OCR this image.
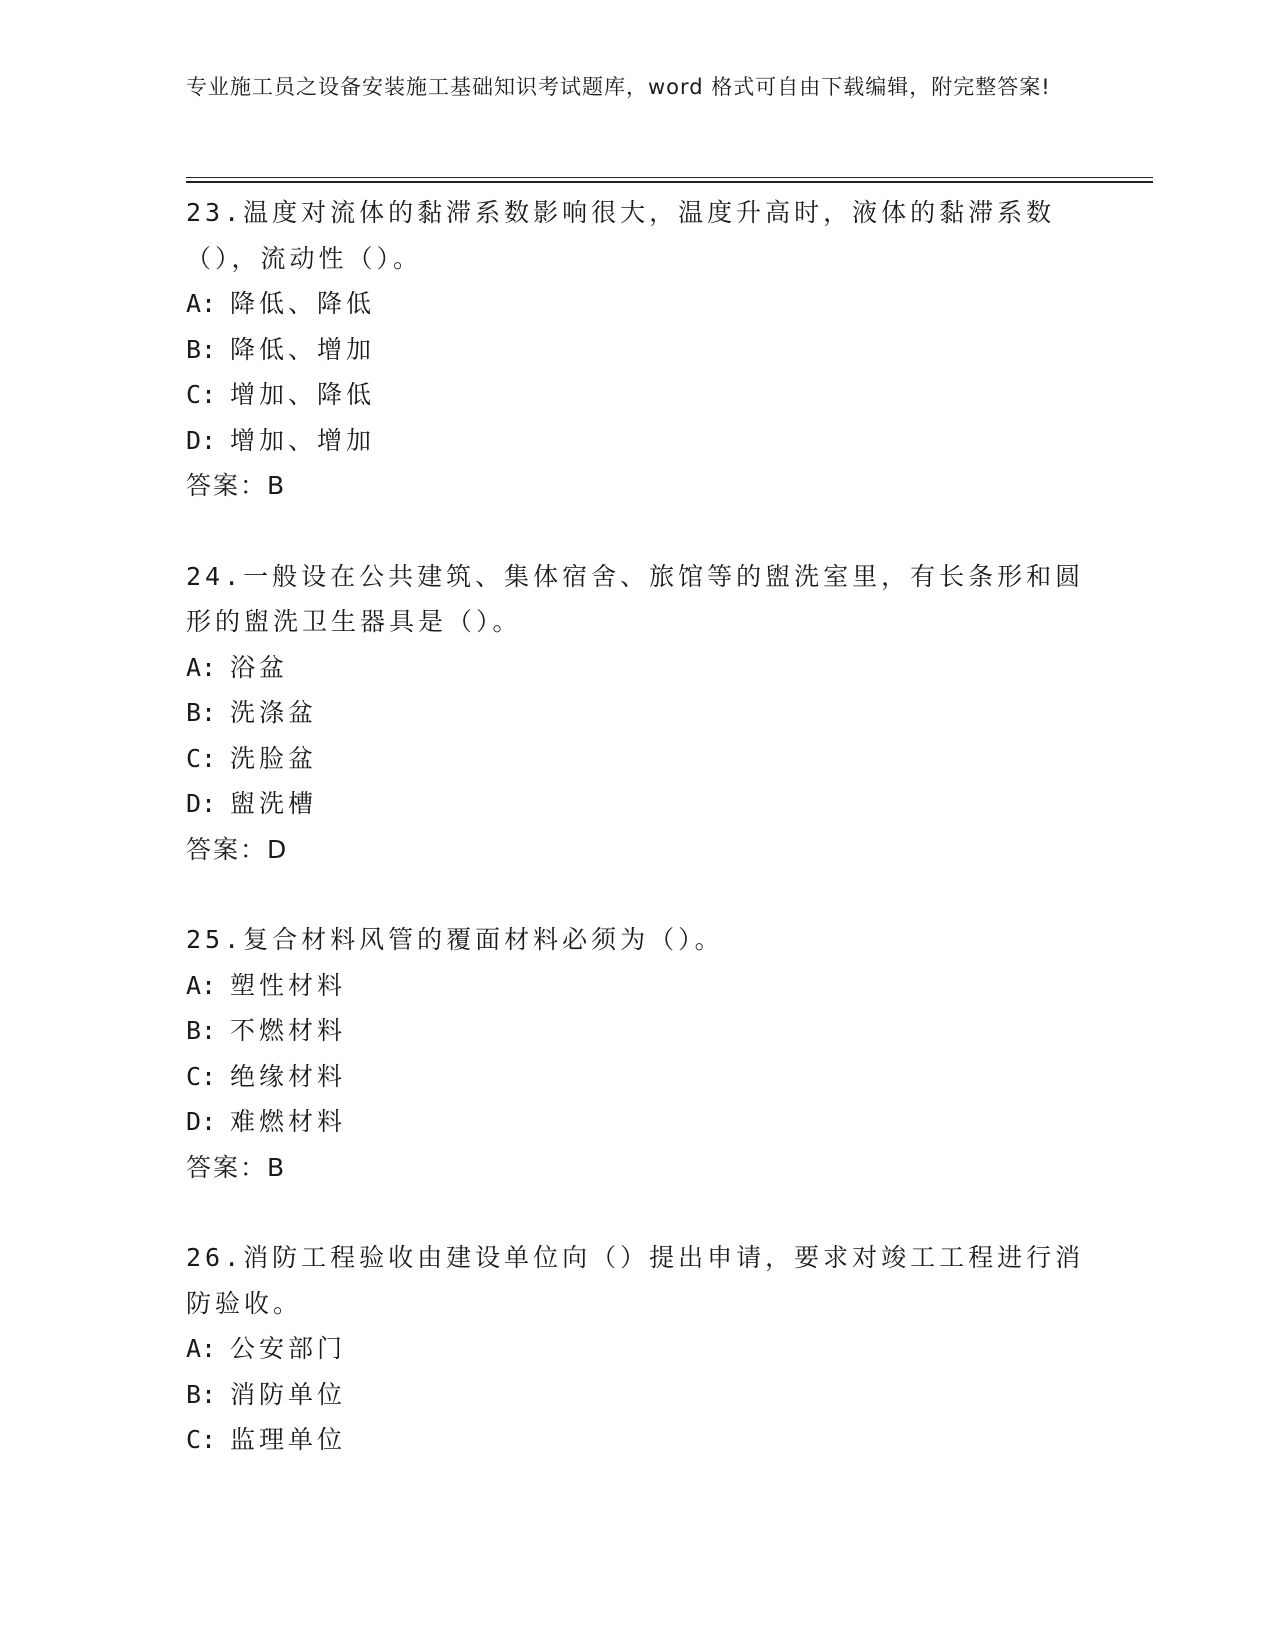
专业施工员之设备安装施工基础知识考试题库，word 格式可自由下载编辑，附完整答案!
23.温度对流体的黏滞系数影响很大，温度升高时，液体的黏滞系数（），流动性（）。
A: 降低、降低
B: 降低、增加
C: 增加、降低
D: 增加、增加
答案：B
24.一般设在公共建筑、集体宿舍、旅馆等的盥洗室里，有长条形和圆形的盥洗卫生器具是（）。
A: 浴盆
B: 洗涤盆
C: 洗脸盆
D: 盥洗槽
答案：D
25.复合材料风管的覆面材料必须为（）。
A: 塑性材料
B: 不燃材料
C: 绝缘材料
D: 难燃材料
答案：B
26.消防工程验收由建设单位向（）提出申请，要求对竣工工程进行消防验收。
A: 公安部门
B: 消防单位
C: 监理单位
